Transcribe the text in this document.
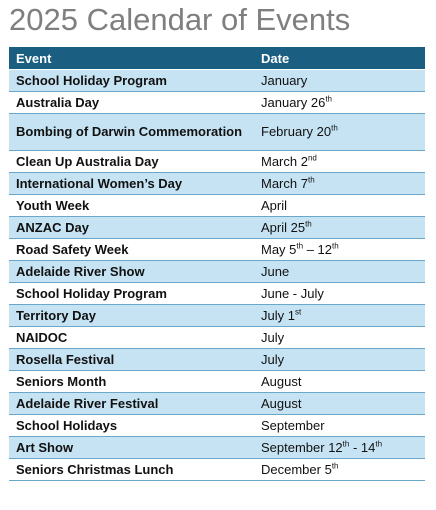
2025 Calendar of Events
Event	Date
School Holiday Program	January
Australia Day	January 26th
Bombing of Darwin Commemoration	February 20th
Clean Up Australia Day	March 2nd
International Women’s Day	March 7th
Youth Week	April
ANZAC Day	April 25th
Road Safety Week	May 5th – 12th
Adelaide River Show	June
School Holiday Program	June - July
Territory Day	July 1st
NAIDOC	July
Rosella Festival	July
Seniors Month	August
Adelaide River Festival	August
School Holidays	September
Art Show	September 12th - 14th
Seniors Christmas Lunch	December 5th
